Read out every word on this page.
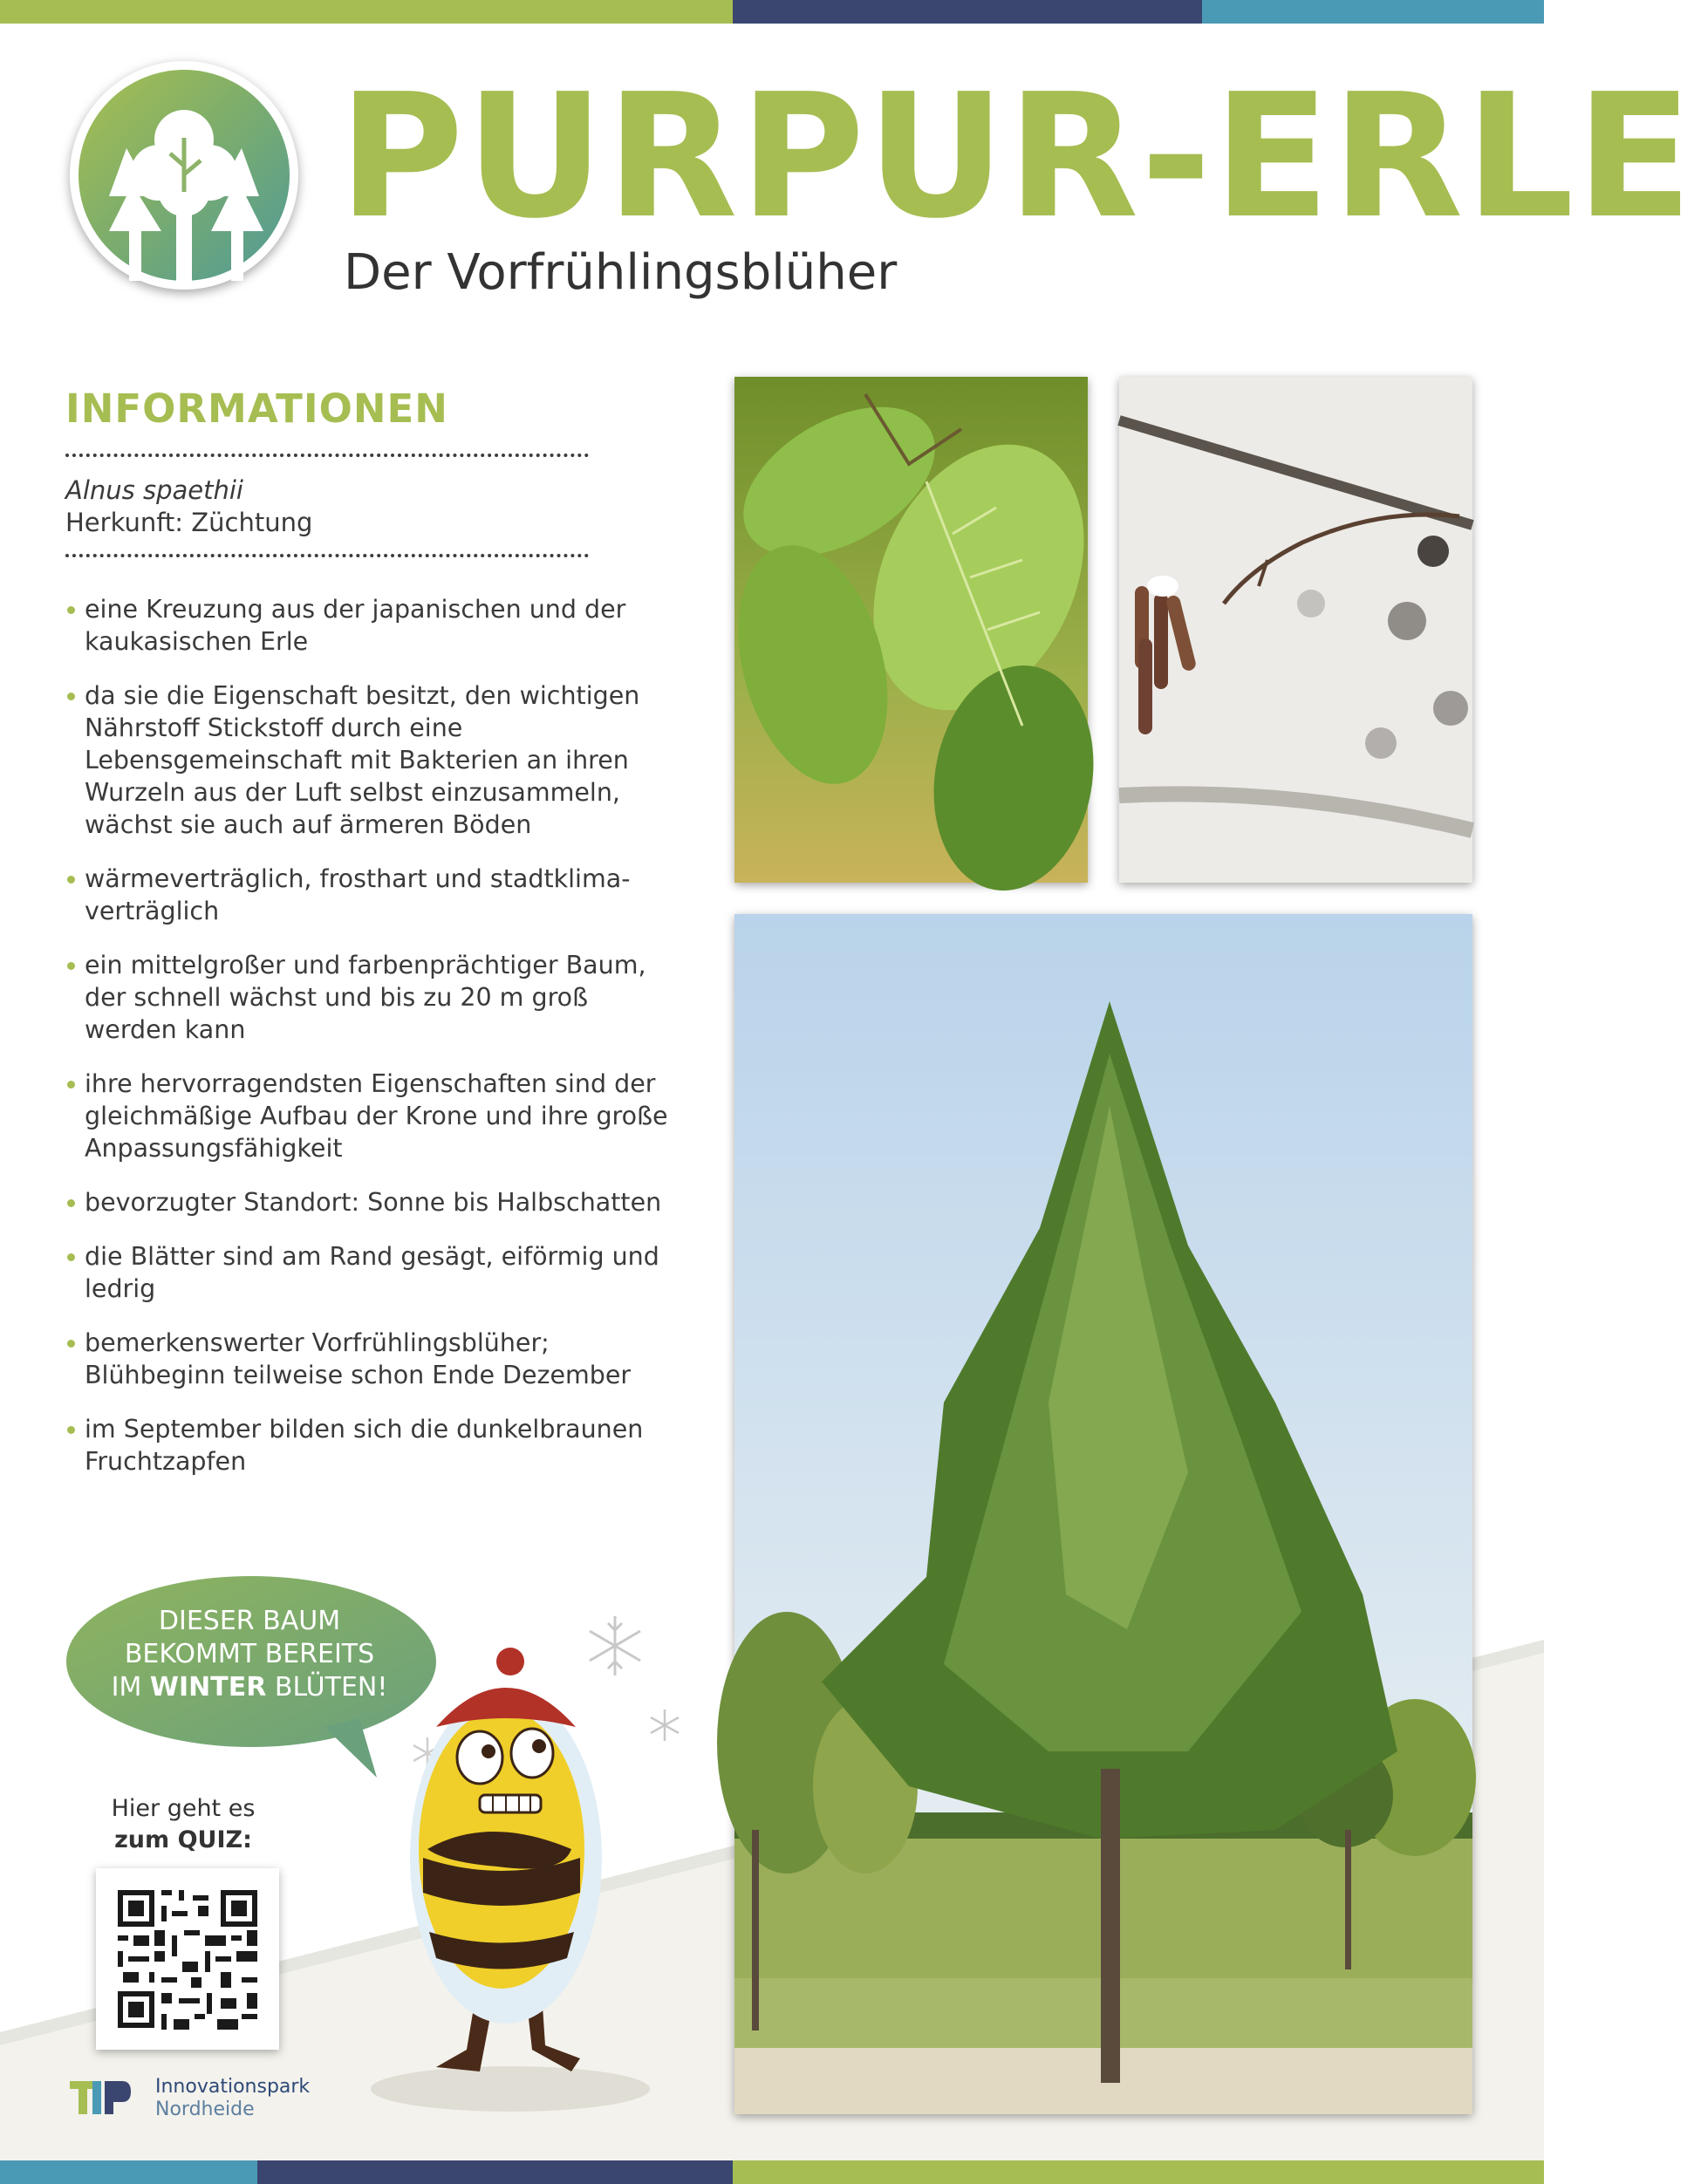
PURPUR-ERLE
Der Vorfrühlingsblüher
INFORMATIONEN
Alnus spaethii
Herkunft: Züchtung
eine Kreuzung aus der japanischen und der kaukasischen Erle
da sie die Eigenschaft besitzt, den wichtigen Nährstoff Stickstoff durch eine Lebensgemeinschaft mit Bakterien an ihren Wurzeln aus der Luft selbst einzusammeln, wächst sie auch auf ärmeren Böden
wärmeverträglich, frosthart und stadtklimaverträglich
ein mittelgroßer und farbenprächtiger Baum, der schnell wächst und bis zu 20 m groß werden kann
ihre hervorragendsten Eigenschaften sind der gleichmäßige Aufbau der Krone und ihre große Anpassungsfähigkeit
bevorzugter Standort: Sonne bis Halbschatten
die Blätter sind am Rand gesägt, eiförmig und ledrig
bemerkenswerter Vorfrühlingsblüher; Blühbeginn teilweise schon Ende Dezember
im September bilden sich die dunkelbraunen Fruchtzapfen
DIESER BAUM
BEKOMMT BEREITS
IM WINTER BLÜTEN!
Hier geht es
zum QUIZ:
Innovationspark
Nordheide
